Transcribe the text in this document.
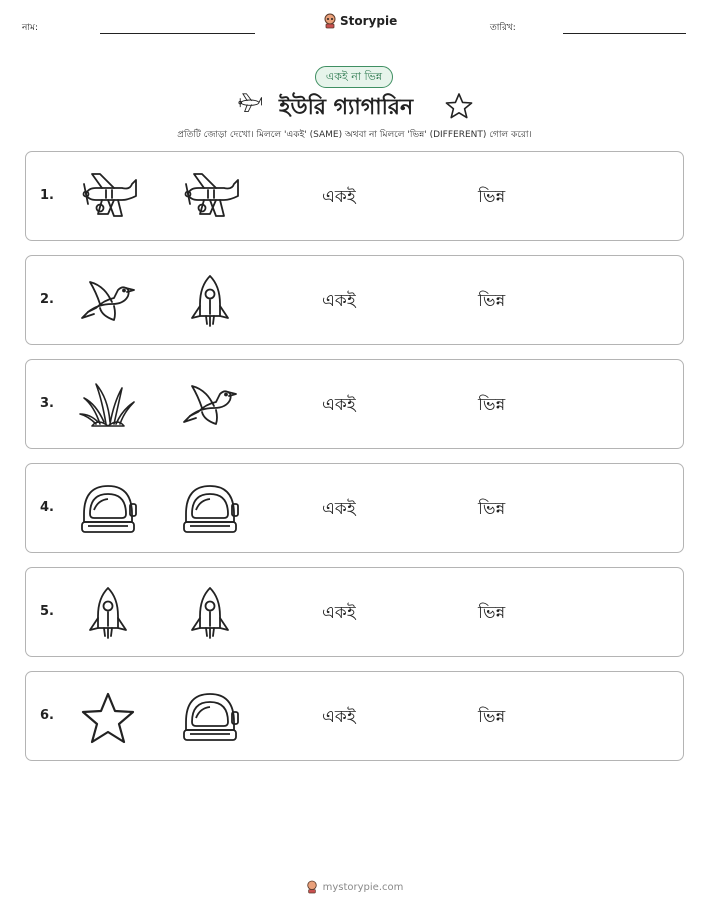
নাম:	Storypie	তারিখ:
একই না ভিন্ন
ইউরি গ্যাগারিন
প্রতিটি জোড়া দেখো। মিললে 'একই' (SAME) অথবা না মিললে 'ভিন্ন' (DIFFERENT) গোল করো।
1.	একই	ভিন্ন
2.	একই	ভিন্ন
3.	একই	ভিন্ন
4.	একই	ভিন্ন
5.	একই	ভিন্ন
6.	একই	ভিন্ন
mystorypie.com
